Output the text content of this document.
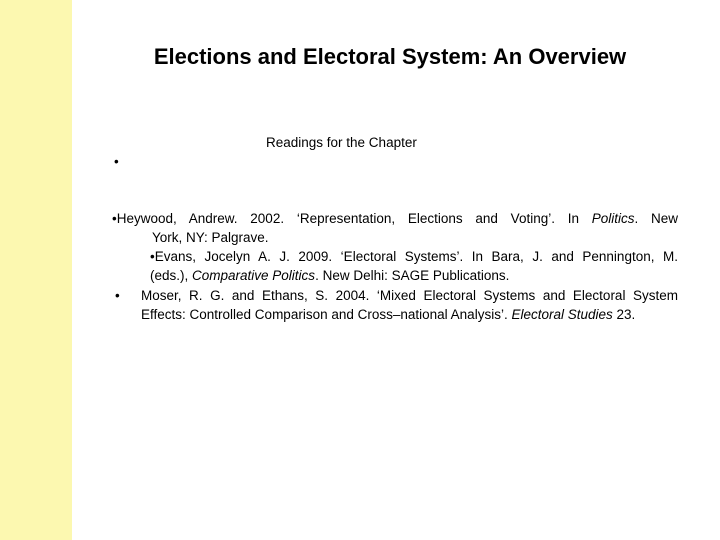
Elections and Electoral System: An Overview
Readings for the Chapter
•
•Heywood, Andrew. 2002. ‘Representation, Elections and Voting’. In Politics. New
York, NY: Palgrave.
•Evans, Jocelyn A. J. 2009. ‘Electoral Systems’. In Bara, J. and Pennington, M.
(eds.), Comparative Politics. New Delhi: SAGE Publications.
•	Moser, R. G. and Ethans, S. 2004. ‘Mixed Electoral Systems and Electoral System
Effects: Controlled Comparison and Cross–national Analysis’. Electoral Studies 23.
